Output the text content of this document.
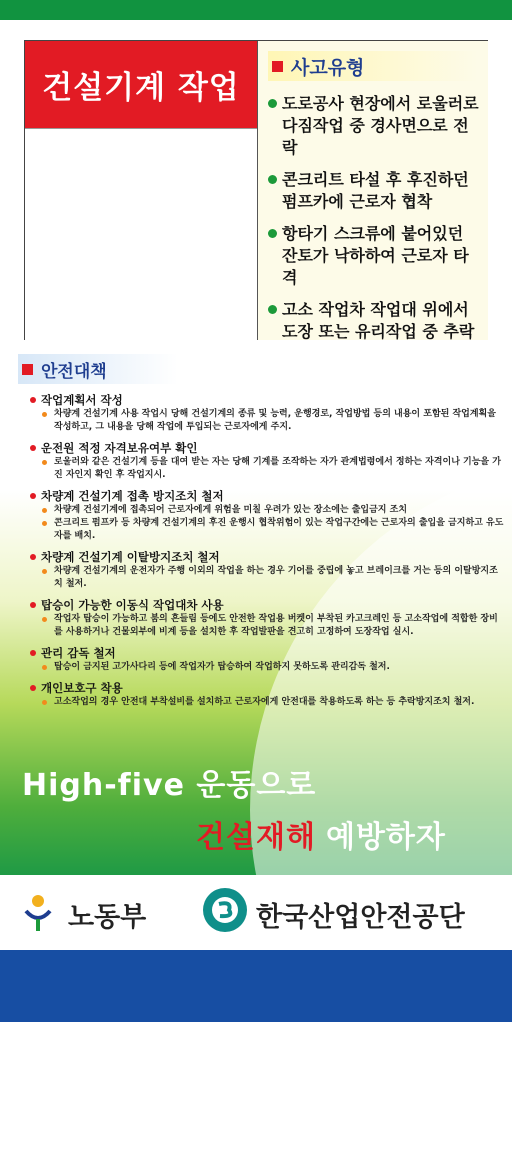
건설기계 작업
사고유형
도로공사 현장에서 로울러로 다짐작업 중 경사면으로 전락
콘크리트 타설 후 후진하던 펌프카에 근로자 협착
항타기 스크류에 붙어있던 잔토가 낙하하여 근로자 타격
고소 작업차 작업대 위에서 도장 또는 유리작업 중 추락
안전대책
작업계획서 작성
차량계 건설기계 사용 작업시 당해 건설기계의 종류 및 능력, 운행경로, 작업방법 등의 내용이 포함된 작업계획을 작성하고, 그 내용을 당해 작업에 투입되는 근로자에게 주지.
운전원 적정 자격보유여부 확인
로울러와 같은 건설기계 등을 대여 받는 자는 당해 기계를 조작하는 자가 관계법령에서 정하는 자격이나 기능을 가진 자인지 확인 후 작업지시.
차량계 건설기계 접촉 방지조치 철저
차량계 건설기계에 접촉되어 근로자에게 위험을 미칠 우려가 있는 장소에는 출입금지 조치
콘크리트 펌프카 등 차량계 건설기계의 후진 운행시 협착위험이 있는 작업구간에는 근로자의 출입을 금지하고 유도자를 배치.
차량계 건설기계 이탈방지조치 철저
차량계 건설기계의 운전자가 주행 이외의 작업을 하는 경우 기어를 중립에 놓고 브레이크를 거는 등의 이탈방지조치 철저.
탑승이 가능한 이동식 작업대차 사용
작업자 탑승이 가능하고 붐의 흔들림 등에도 안전한 작업용 버켓이 부착된 카고크레인 등 고소작업에 적합한 장비를 사용하거나 건물외부에 비계 등을 설치한 후 작업발판을 견고히 고정하여 도장작업 실시.
관리 감독 철저
탑승이 금지된 고가사다리 등에 작업자가 탑승하여 작업하지 못하도록 관리감독 철저.
개인보호구 착용
고소작업의 경우 안전대 부착설비를 설치하고 근로자에게 안전대를 착용하도록 하는 등 추락방지조치 철저.
High-five 운동으로
건설재해 예방하자
노동부	한국산업안전공단
